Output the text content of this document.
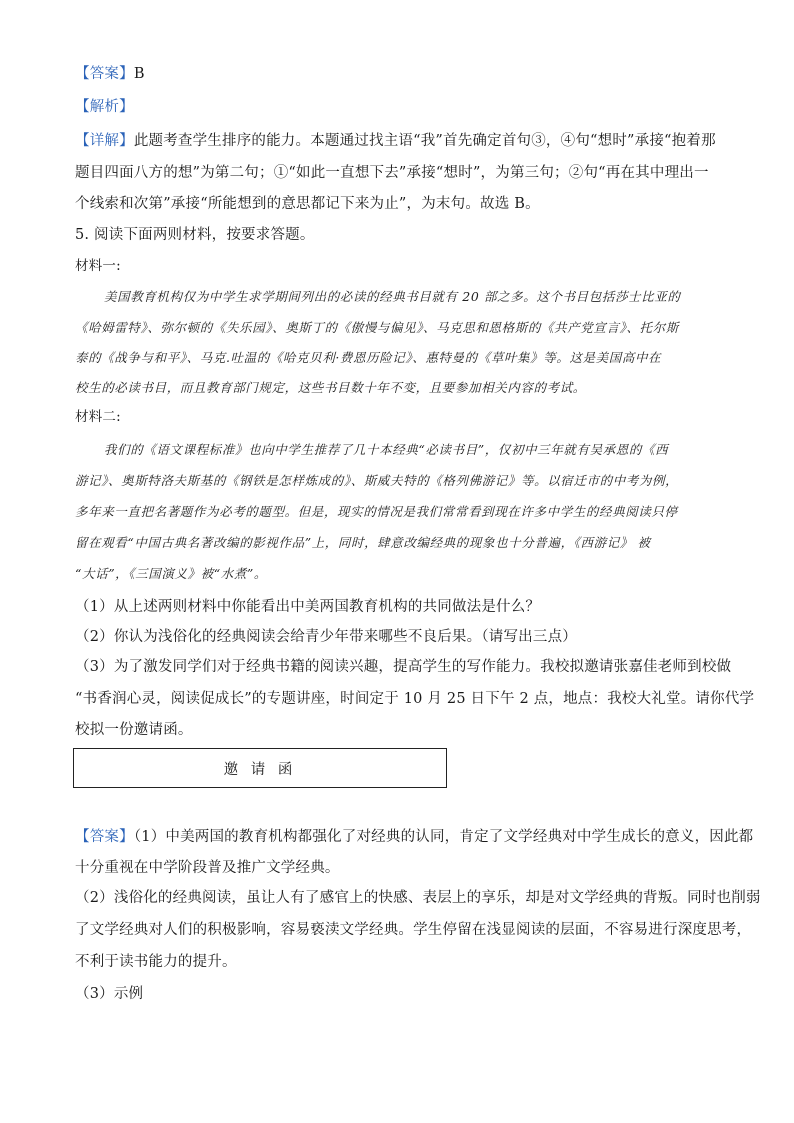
【答案】B
【解析】
【详解】此题考查学生排序的能力。本题通过找主语“我”首先确定首句③，④句“想时”承接“抱着那
题目四面八方的想”为第二句；①“如此一直想下去”承接“想时”，为第三句；②句“再在其中理出一
个线索和次第”承接“所能想到的意思都记下来为止”，为末句。故选 B。
5. 阅读下面两则材料，按要求答题。
材料一:
美国教育机构仅为中学生求学期间列出的必读的经典书目就有 20 部之多。这个书目包括莎士比亚的
《哈姆雷特》、弥尔顿的《失乐园》、奥斯丁的《傲慢与偏见》、马克思和恩格斯的《共产党宣言》、托尔斯
泰的《战争与和平》、马克.吐温的《哈克贝利·费恩历险记》、惠特曼的《草叶集》等。这是美国高中在
校生的必读书目，而且教育部门规定，这些书目数十年不变，且要参加相关内容的考试。
材料二:
我们的《语文课程标准》也向中学生推荐了几十本经典“必读书目”，仅初中三年就有吴承恩的《西
游记》、奥斯特洛夫斯基的《钢铁是怎样炼成的》、斯威夫特的《格列佛游记》等。以宿迁市的中考为例，
多年来一直把名著题作为必考的题型。但是，现实的情况是我们常常看到现在许多中学生的经典阅读只停
留在观看“中国古典名著改编的影视作品”上，同时，肆意改编经典的现象也十分普遍，《西游记》 被
“大话”，《三国演义》被“水煮”。
（1）从上述两则材料中你能看出中美两国教育机构的共同做法是什么？
（2）你认为浅俗化的经典阅读会给青少年带来哪些不良后果。（请写出三点）
（3）为了激发同学们对于经典书籍的阅读兴趣，提高学生的写作能力。我校拟邀请张嘉佳老师到校做
“书香润心灵，阅读促成长”的专题讲座，时间定于 10 月 25 日下午 2 点，地点：我校大礼堂。请你代学
校拟一份邀请函。
邀 请 函
【答案】（1）中美两国的教育机构都强化了对经典的认同，肯定了文学经典对中学生成长的意义，因此都
十分重视在中学阶段普及推广文学经典。
（2）浅俗化的经典阅读，虽让人有了感官上的快感、表层上的享乐，却是对文学经典的背叛。同时也削弱
了文学经典对人们的积极影响，容易亵渎文学经典。学生停留在浅显阅读的层面，不容易进行深度思考，
不利于读书能力的提升。
（3）示例
